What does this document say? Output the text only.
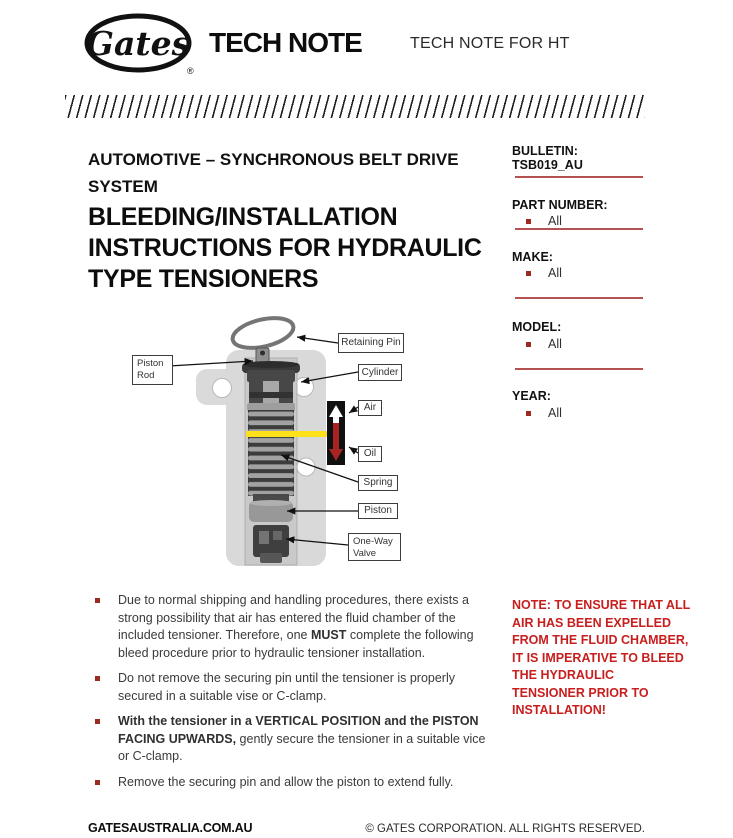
Gates
®
TECH NOTE	TECH NOTE FOR HT
AUTOMOTIVE – SYNCHRONOUS BELT DRIVE SYSTEM
BLEEDING/INSTALLATION INSTRUCTIONS FOR HYDRAULIC TYPE TENSIONERS
BULLETIN: TSB019_AU
PART NUMBER:
All
MAKE:
All
MODEL:
All
YEAR:
All
Retaining Pin
Piston Rod	Cylinder
Air
Oil
Spring
Piston
One-Way Valve
Due to normal shipping and handling procedures, there exists a strong possibility that air has entered the fluid chamber of the included tensioner. Therefore, one MUST complete the following bleed procedure prior to hydraulic tensioner installation.
Do not remove the securing pin until the tensioner is properly secured in a suitable vise or C-clamp.
With the tensioner in a VERTICAL POSITION and the PISTON FACING UPWARDS, gently secure the tensioner in a suitable vice or C-clamp.
Remove the securing pin and allow the piston to extend fully.
NOTE: TO ENSURE THAT ALL AIR HAS BEEN EXPELLED FROM THE FLUID CHAMBER, IT IS IMPERATIVE TO BLEED THE HYDRAULIC TENSIONER PRIOR TO INSTALLATION!
GATESAUSTRALIA.COM.AU	© GATES CORPORATION. ALL RIGHTS RESERVED.
